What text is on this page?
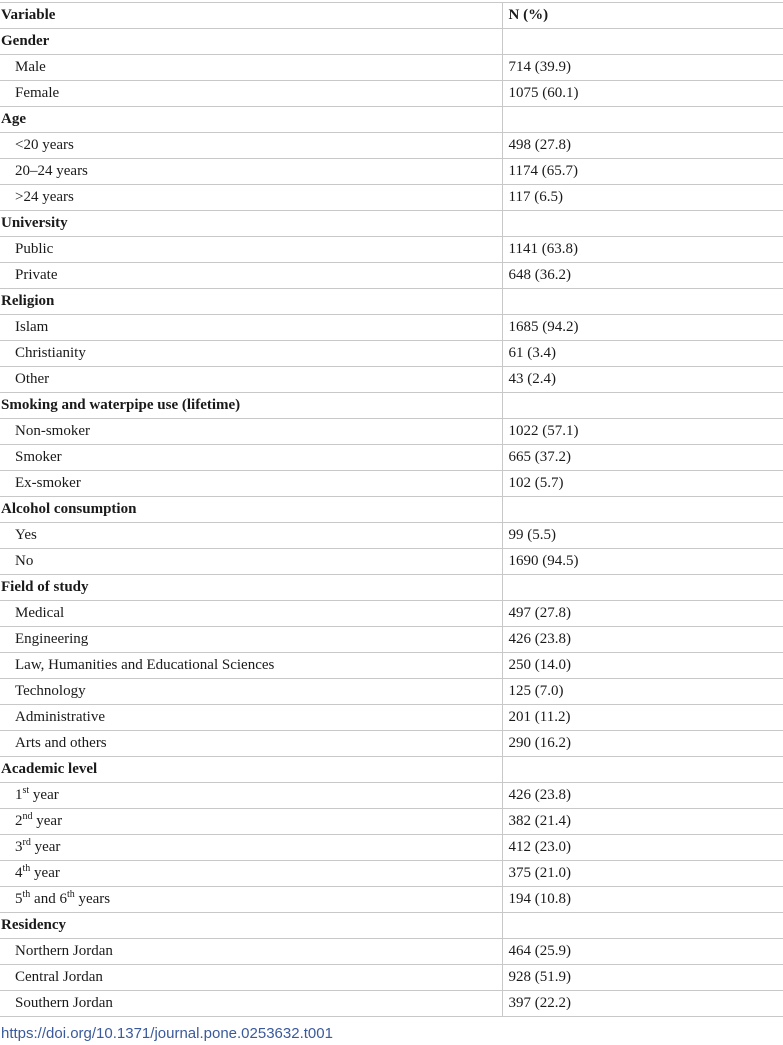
Variable	N (%)
Gender	
Male	714 (39.9)
Female	1075 (60.1)
Age	
<20 years	498 (27.8)
20–24 years	1174 (65.7)
>24 years	117 (6.5)
University	
Public	1141 (63.8)
Private	648 (36.2)
Religion	
Islam	1685 (94.2)
Christianity	61 (3.4)
Other	43 (2.4)
Smoking and waterpipe use (lifetime)	
Non-smoker	1022 (57.1)
Smoker	665 (37.2)
Ex-smoker	102 (5.7)
Alcohol consumption	
Yes	99 (5.5)
No	1690 (94.5)
Field of study	
Medical	497 (27.8)
Engineering	426 (23.8)
Law, Humanities and Educational Sciences	250 (14.0)
Technology	125 (7.0)
Administrative	201 (11.2)
Arts and others	290 (16.2)
Academic level	
1st year	426 (23.8)
2nd year	382 (21.4)
3rd year	412 (23.0)
4th year	375 (21.0)
5th and 6th years	194 (10.8)
Residency	
Northern Jordan	464 (25.9)
Central Jordan	928 (51.9)
Southern Jordan	397 (22.2)
https://doi.org/10.1371/journal.pone.0253632.t001
